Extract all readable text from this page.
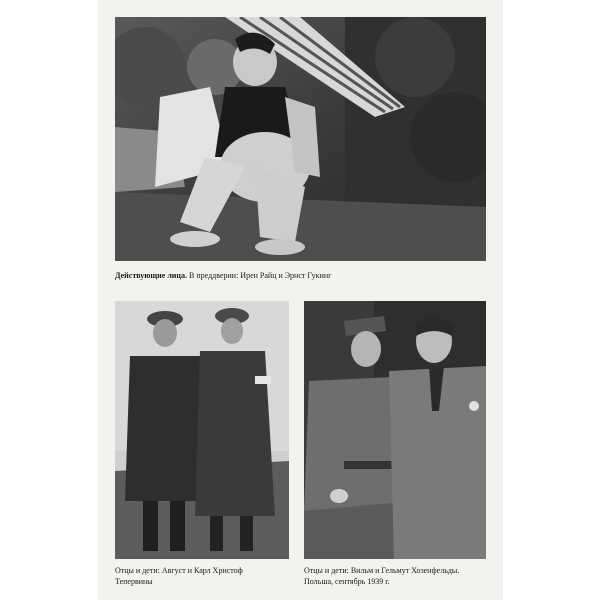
Действующие лица. В преддверии: Ирен Райц и Эрнст Гукинг
Отцы и дети: Август и Карл Христоф
Тепервины
Отцы и дети: Вильм и Гельмут Хозенфельды.
Польша, сентябрь 1939 г.
